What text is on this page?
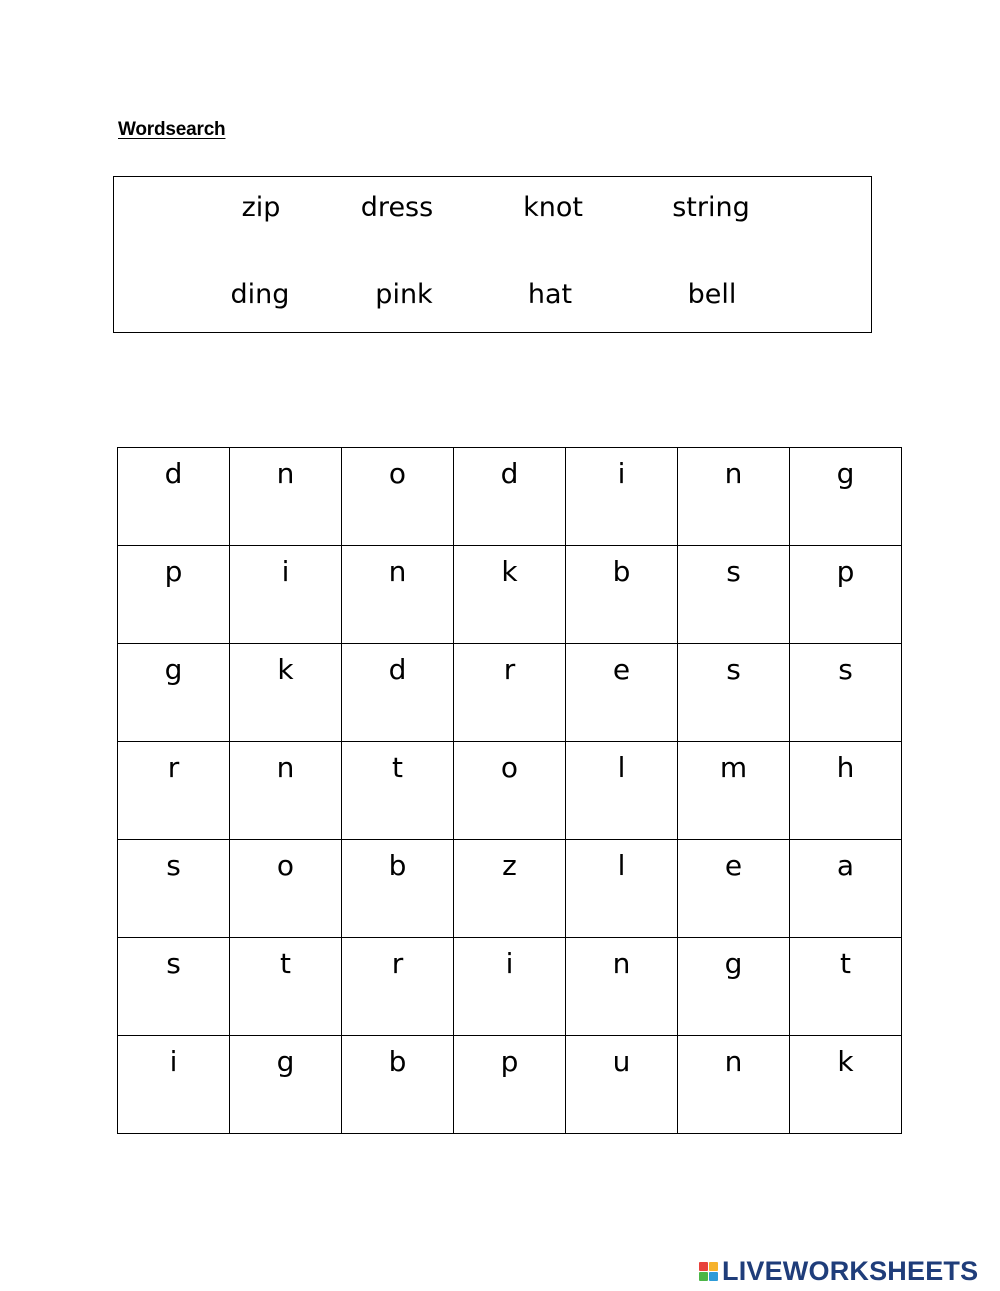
Wordsearch
zip	dress	knot	string
ding	pink	hat	bell
d	n	o	d	i	n	g

p	i	n	k	b	s	p

g	k	d	r	e	s	s

r	n	t	o	l	m	h

s	o	b	z	l	e	a

s	t	r	i	n	g	t

i	g	b	p	u	n	k
LIVEWORKSHEETS
